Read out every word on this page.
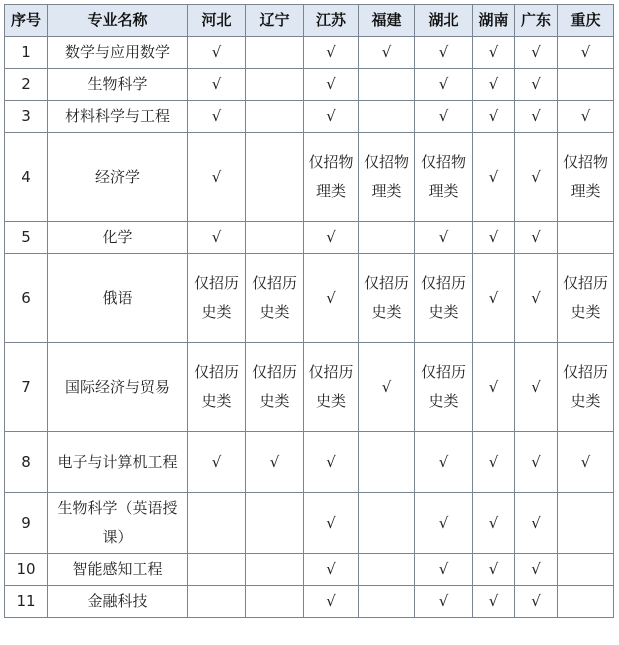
序号	专业名称	河北	辽宁	江苏	福建	湖北	湖南	广东	重庆
1	数学与应用数学	√		√	√	√	√	√	√

2	生物科学	√		√		√	√	√	

3	材料科学与工程	√		√		√	√	√	√

4	经济学	√		仅招物理类	仅招物理类	仅招物理类	√	√	仅招物理类

5	化学	√		√		√	√	√	

6	俄语	仅招历史类	仅招历史类	√	仅招历史类	仅招历史类	√	√	仅招历史类

7	国际经济与贸易	仅招历史类	仅招历史类	仅招历史类	√	仅招历史类	√	√	仅招历史类

8	电子与计算机工程	√	√	√		√	√	√	√

9	生物科学（英语授课）			√		√	√	√	

10	智能感知工程			√		√	√	√	

11	金融科技			√		√	√	√	
